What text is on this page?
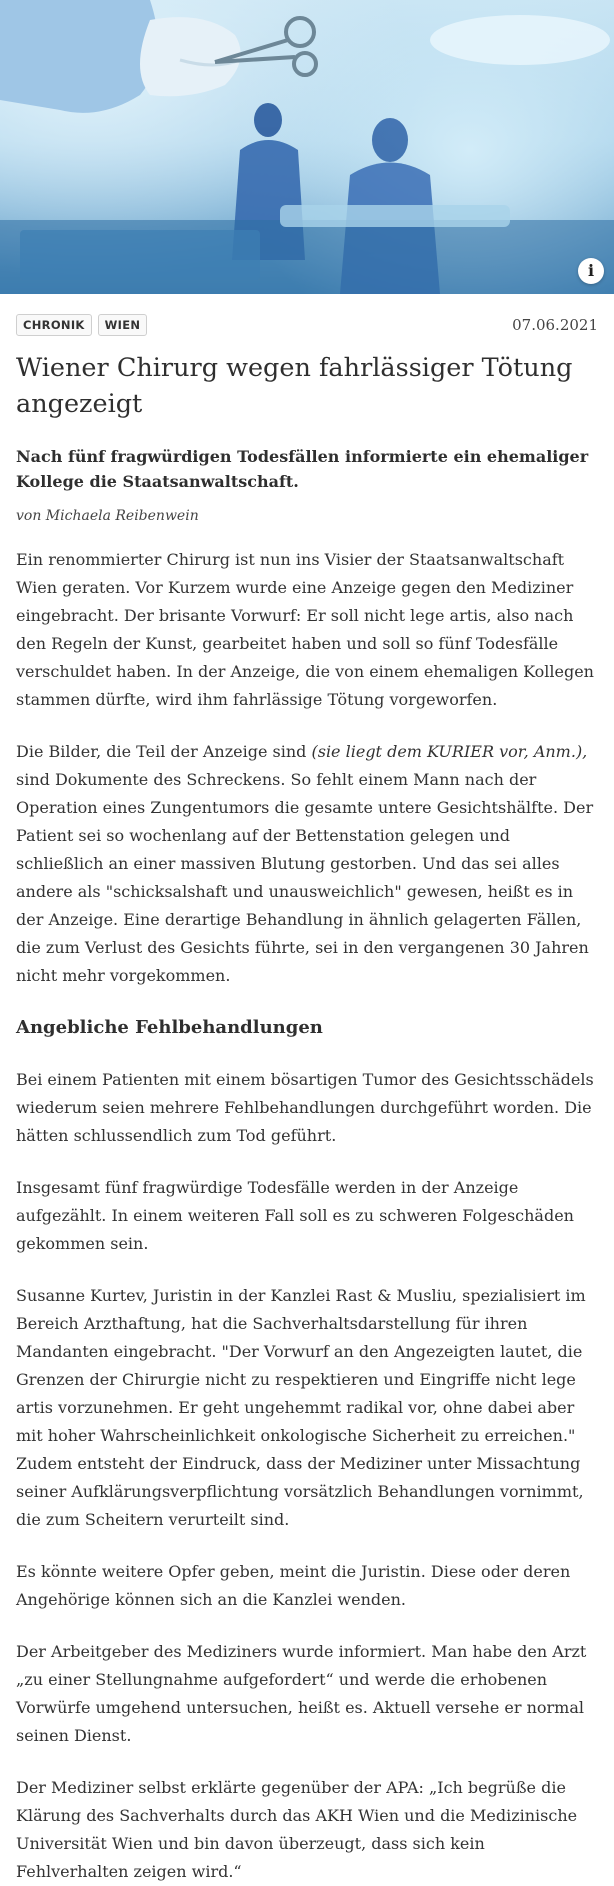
i
CHRONIK	WIEN	07.06.2021
Wiener Chirurg wegen fahrlässiger Tötung angezeigt

Nach fünf fragwürdigen Todesfällen informierte ein ehemaliger Kollege die Staatsanwaltschaft.

von Michaela Reibenwein

Ein renommierter Chirurg ist nun ins Visier der Staatsanwaltschaft Wien geraten. Vor Kurzem wurde eine Anzeige gegen den Mediziner eingebracht. Der brisante Vorwurf: Er soll nicht lege artis, also nach den Regeln der Kunst, gearbeitet haben und soll so fünf Todesfälle verschuldet haben. In der Anzeige, die von einem ehemaligen Kollegen stammen dürfte, wird ihm fahrlässige Tötung vorgeworfen.

Die Bilder, die Teil der Anzeige sind (sie liegt dem KURIER vor, Anm.), sind Dokumente des Schreckens. So fehlt einem Mann nach der Operation eines Zungentumors die gesamte untere Gesichtshälfte. Der Patient sei so wochenlang auf der Bettenstation gelegen und schließlich an einer massiven Blutung gestorben. Und das sei alles andere als "schicksalshaft und unausweichlich" gewesen, heißt es in der Anzeige. Eine derartige Behandlung in ähnlich gelagerten Fällen, die zum Verlust des Gesichts führte, sei in den vergangenen 30 Jahren nicht mehr vorgekommen.

Angebliche Fehlbehandlungen

Bei einem Patienten mit einem bösartigen Tumor des Gesichtsschädels wiederum seien mehrere Fehlbehandlungen durchgeführt worden. Die hätten schlussendlich zum Tod geführt.

Insgesamt fünf fragwürdige Todesfälle werden in der Anzeige aufgezählt. In einem weiteren Fall soll es zu schweren Folgeschäden gekommen sein.

Susanne Kurtev, Juristin in der Kanzlei Rast & Musliu, spezialisiert im Bereich Arzthaftung, hat die Sachverhaltsdarstellung für ihren Mandanten eingebracht. "Der Vorwurf an den Angezeigten lautet, die Grenzen der Chirurgie nicht zu respektieren und Eingriffe nicht lege artis vorzunehmen. Er geht ungehemmt radikal vor, ohne dabei aber mit hoher Wahrscheinlichkeit onkologische Sicherheit zu erreichen." Zudem entsteht der Eindruck, dass der Mediziner unter Missachtung seiner Aufklärungsverpflichtung vorsätzlich Behandlungen vornimmt, die zum Scheitern verurteilt sind.

Es könnte weitere Opfer geben, meint die Juristin. Diese oder deren Angehörige können sich an die Kanzlei wenden.

Der Arbeitgeber des Mediziners wurde informiert. Man habe den Arzt „zu einer Stellungnahme aufgefordert“ und werde die erhobenen Vorwürfe umgehend untersuchen, heißt es. Aktuell versehe er normal seinen Dienst.

Der Mediziner selbst erklärte gegenüber der APA: „Ich begrüße die Klärung des Sachverhalts durch das AKH Wien und die Medizinische Universität Wien und bin davon überzeugt, dass sich kein Fehlverhalten zeigen wird.“
